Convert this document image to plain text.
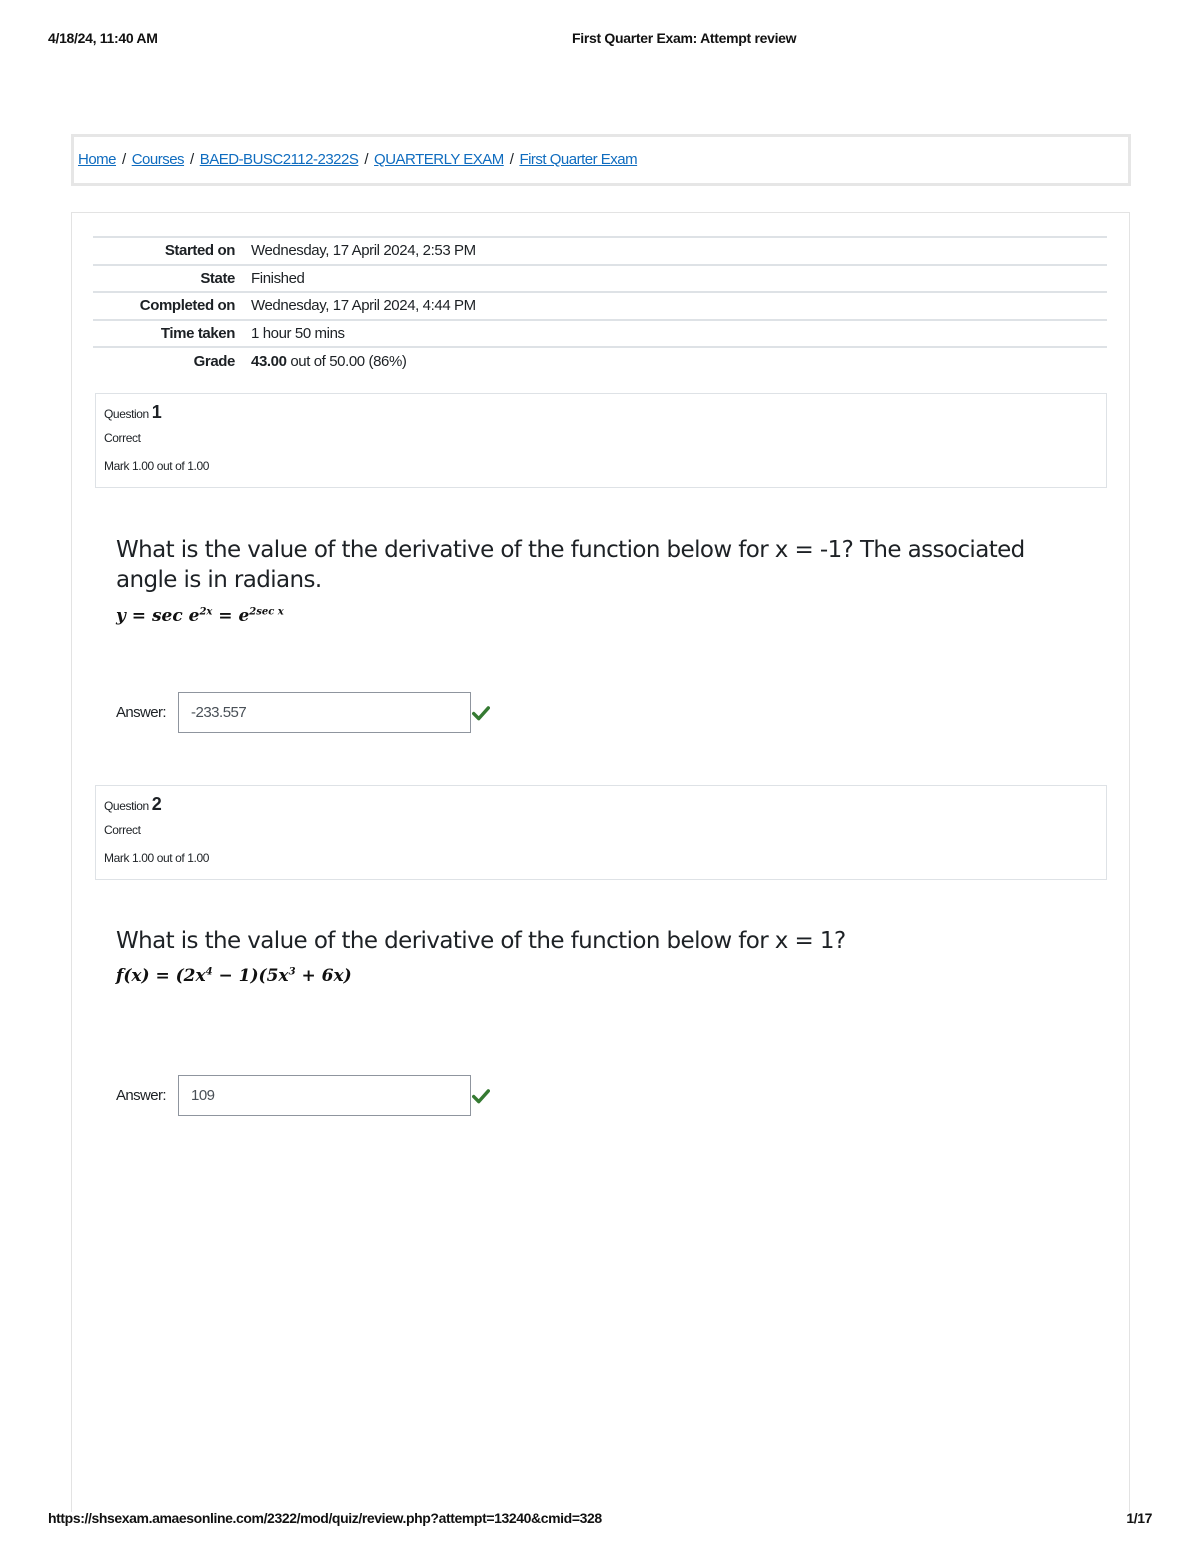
4/18/24, 11:40 AM	First Quarter Exam: Attempt review
Home / Courses / BAED-BUSC2112-2322S / QUARTERLY EXAM / First Quarter Exam
Started on	Wednesday, 17 April 2024, 2:53 PM
State	Finished
Completed on	Wednesday, 17 April 2024, 4:44 PM
Time taken	1 hour 50 mins
Grade	43.00 out of 50.00 (86%)
Question 1
Correct
Mark 1.00 out of 1.00
What is the value of the derivative of the function below for x = -1? The associated angle is in radians.
$y = \sec e^{2x} = e^{2sec x}$
Answer:
-233.557
Question 2
Correct
Mark 1.00 out of 1.00
What is the value of the derivative of the function below for x = 1?
$f(x) = (2x^4 - 1)(5x^3 + 6x)$
Answer:
109
https://shsexam.amaesonline.com/2322/mod/quiz/review.php?attempt=13240&cmid=328	1/17
